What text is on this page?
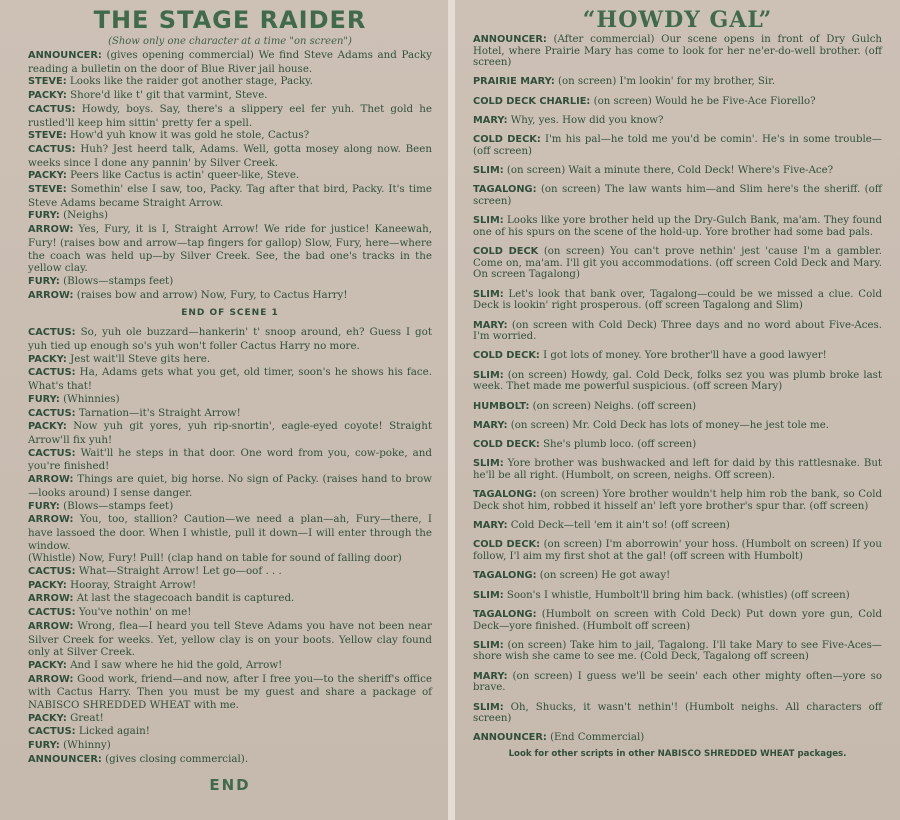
THE STAGE RAIDER
(Show only one character at a time "on screen")
ANNOUNCER: (gives opening commercial) We find Steve Adams and Packy reading a bulletin on the door of Blue River jail house.
STEVE: Looks like the raider got another stage, Packy.
PACKY: Shore'd like t' git that varmint, Steve.
CACTUS: Howdy, boys. Say, there's a slippery eel fer yuh. Thet gold he rustled'll keep him sittin' pretty fer a spell.
STEVE: How'd yuh know it was gold he stole, Cactus?
CACTUS: Huh? Jest heerd talk, Adams. Well, gotta mosey along now. Been weeks since I done any pannin' by Silver Creek.
PACKY: Peers like Cactus is actin' queer-like, Steve.
STEVE: Somethin' else I saw, too, Packy. Tag after that bird, Packy. It's time Steve Adams became Straight Arrow.
FURY: (Neighs)
ARROW: Yes, Fury, it is I, Straight Arrow! We ride for justice! Kaneewah, Fury! (raises bow and arrow—tap fingers for gallop) Slow, Fury, here—where the coach was held up—by Silver Creek. See, the bad one's tracks in the yellow clay.
FURY: (Blows—stamps feet)
ARROW: (raises bow and arrow) Now, Fury, to Cactus Harry!
END OF SCENE 1
CACTUS: So, yuh ole buzzard—hankerin' t' snoop around, eh? Guess I got yuh tied up enough so's yuh won't foller Cactus Harry no more.
PACKY: Jest wait'll Steve gits here.
CACTUS: Ha, Adams gets what you get, old timer, soon's he shows his face. What's that!
FURY: (Whinnies)
CACTUS: Tarnation—it's Straight Arrow!
PACKY: Now yuh git yores, yuh rip-snortin', eagle-eyed coyote! Straight Arrow'll fix yuh!
CACTUS: Wait'll he steps in that door. One word from you, cow-poke, and you're finished!
ARROW: Things are quiet, big horse. No sign of Packy. (raises hand to brow—looks around) I sense danger.
FURY: (Blows—stamps feet)
ARROW: You, too, stallion? Caution—we need a plan—ah, Fury—there, I have lassoed the door. When I whistle, pull it down—I will enter through the window.
(Whistle) Now, Fury! Pull! (clap hand on table for sound of falling door)
CACTUS: What—Straight Arrow! Let go—oof . . .
PACKY: Hooray, Straight Arrow!
ARROW: At last the stagecoach bandit is captured.
CACTUS: You've nothin' on me!
ARROW: Wrong, flea—I heard you tell Steve Adams you have not been near Silver Creek for weeks. Yet, yellow clay is on your boots. Yellow clay found only at Silver Creek.
PACKY: And I saw where he hid the gold, Arrow!
ARROW: Good work, friend—and now, after I free you—to the sheriff's office with Cactus Harry. Then you must be my guest and share a package of NABISCO SHREDDED WHEAT with me.
PACKY: Great!
CACTUS: Licked again!
FURY: (Whinny)
ANNOUNCER: (gives closing commercial).
END
“HOWDY GAL”
ANNOUNCER: (After commercial) Our scene opens in front of Dry Gulch Hotel, where Prairie Mary has come to look for her ne'er-do-well brother. (off screen)
PRAIRIE MARY: (on screen) I'm lookin' for my brother, Sir.
COLD DECK CHARLIE: (on screen) Would he be Five-Ace Fiorello?
MARY: Why, yes. How did you know?
COLD DECK: I'm his pal—he told me you'd be comin'. He's in some trouble—(off screen)
SLIM: (on screen) Wait a minute there, Cold Deck! Where's Five-Ace?
TAGALONG: (on screen) The law wants him—and Slim here's the sheriff. (off screen)
SLIM: Looks like yore brother held up the Dry-Gulch Bank, ma'am. They found one of his spurs on the scene of the hold-up. Yore brother had some bad pals.
COLD DECK (on screen) You can't prove nethin' jest 'cause I'm a gambler. Come on, ma'am. I'll git you accommodations. (off screen Cold Deck and Mary. On screen Tagalong)
SLIM: Let's look that bank over, Tagalong—could be we missed a clue. Cold Deck is lookin' right prosperous. (off screen Tagalong and Slim)
MARY: (on screen with Cold Deck) Three days and no word about Five-Aces. I'm worried.
COLD DECK: I got lots of money. Yore brother'll have a good lawyer!
SLIM: (on screen) Howdy, gal. Cold Deck, folks sez you was plumb broke last week. Thet made me powerful suspicious. (off screen Mary)
HUMBOLT: (on screen) Neighs. (off screen)
MARY: (on screen) Mr. Cold Deck has lots of money—he jest tole me.
COLD DECK: She's plumb loco. (off screen)
SLIM: Yore brother was bushwacked and left for daid by this rattlesnake. But he'll be all right. (Humbolt, on screen, neighs. Off screen).
TAGALONG: (on screen) Yore brother wouldn't help him rob the bank, so Cold Deck shot him, robbed it hisself an' left yore brother's spur thar. (off screen)
MARY: Cold Deck—tell 'em it ain't so! (off screen)
COLD DECK: (on screen) I'm aborrowin' your hoss. (Humbolt on screen) If you follow, I'l aim my first shot at the gal! (off screen with Humbolt)
TAGALONG: (on screen) He got away!
SLIM: Soon's I whistle, Humbolt'll bring him back. (whistles) (off screen)
TAGALONG: (Humbolt on screen with Cold Deck) Put down yore gun, Cold Deck—yore finished. (Humbolt off screen)
SLIM: (on screen) Take him to jail, Tagalong. I'll take Mary to see Five-Aces—shore wish she came to see me. (Cold Deck, Tagalong off screen)
MARY: (on screen) I guess we'll be seein' each other mighty often—yore so brave.
SLIM: Oh, Shucks, it wasn't nethin'! (Humbolt neighs. All characters off screen)
ANNOUNCER: (End Commercial)
Look for other scripts in other NABISCO SHREDDED WHEAT packages.
